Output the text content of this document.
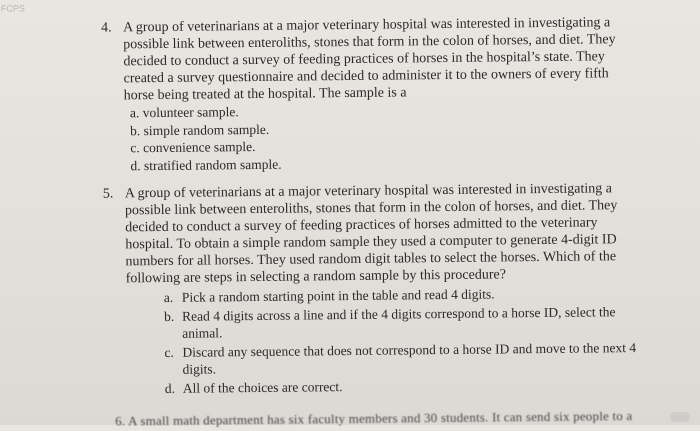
FCPS
4. A group of veterinarians at a major veterinary hospital was interested in investigating a possible link between enteroliths, stones that form in the colon of horses, and diet. They decided to conduct a survey of feeding practices of horses in the hospital’s state. They created a survey questionnaire and decided to administer it to the owners of every fifth horse being treated at the hospital. The sample is a
a. volunteer sample.
b. simple random sample.
c. convenience sample.
d. stratified random sample.
5. A group of veterinarians at a major veterinary hospital was interested in investigating a possible link between enteroliths, stones that form in the colon of horses, and diet. They decided to conduct a survey of feeding practices of horses admitted to the veterinary hospital. To obtain a simple random sample they used a computer to generate 4-digit ID numbers for all horses. They used random digit tables to select the horses. Which of the following are steps in selecting a random sample by this procedure?
a. Pick a random starting point in the table and read 4 digits.
b. Read 4 digits across a line and if the 4 digits correspond to a horse ID, select the animal.
c. Discard any sequence that does not correspond to a horse ID and move to the next 4 digits.
d. All of the choices are correct.
6. A small math department has six faculty members and 30 students. It can send six people to a
